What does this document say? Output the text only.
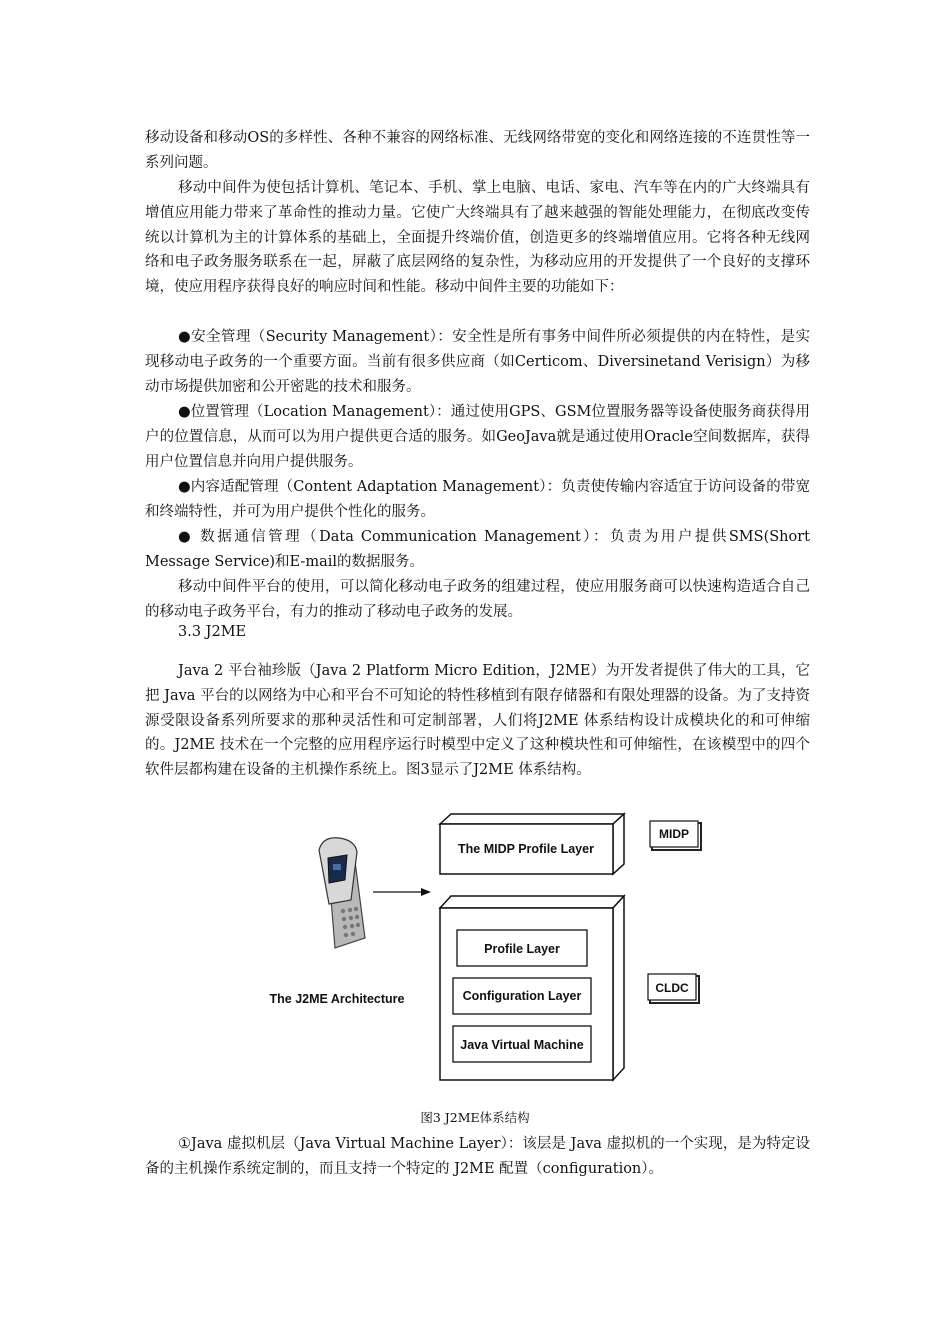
移动设备和移动OS的多样性、各种不兼容的网络标准、无线网络带宽的变化和网络连接的不连贯性等一系列问题。

移动中间件为使包括计算机、笔记本、手机、掌上电脑、电话、家电、汽车等在内的广大终端具有增值应用能力带来了革命性的推动力量。它使广大终端具有了越来越强的智能处理能力，在彻底改变传统以计算机为主的计算体系的基础上，全面提升终端价值，创造更多的终端增值应用。它将各种无线网络和电子政务服务联系在一起，屏蔽了底层网络的复杂性，为移动应用的开发提供了一个良好的支撑环境，使应用程序获得良好的响应时间和性能。移动中间件主要的功能如下：

●安全管理（Security Management）：安全性是所有事务中间件所必须提供的内在特性，是实现移动电子政务的一个重要方面。当前有很多供应商（如Certicom、Diversinetand Verisign）为移动市场提供加密和公开密匙的技术和服务。

●位置管理（Location Management）：通过使用GPS、GSM位置服务器等设备使服务商获得用户的位置信息，从而可以为用户提供更合适的服务。如GeoJava就是通过使用Oracle空间数据库，获得用户位置信息并向用户提供服务。

●内容适配管理（Content Adaptation Management）：负责使传输内容适宜于访问设备的带宽和终端特性，并可为用户提供个性化的服务。

● 数据通信管理（Data Communication Management）：负责为用户提供SMS(Short Message Service)和E-mail的数据服务。

移动中间件平台的使用，可以简化移动电子政务的组建过程，使应用服务商可以快速构造适合自己的移动电子政务平台，有力的推动了移动电子政务的发展。

3.3 J2ME

Java 2 平台袖珍版（Java 2 Platform Micro Edition，J2ME）为开发者提供了伟大的工具，它把 Java 平台的以网络为中心和平台不可知论的特性移植到有限存储器和有限处理器的设备。为了支持资源受限设备系列所要求的那种灵活性和可定制部署，人们将J2ME 体系结构设计成模块化的和可伸缩的。J2ME 技术在一个完整的应用程序运行时模型中定义了这种模块性和可伸缩性，在该模型中的四个软件层都构建在设备的主机操作系统上。图3显示了J2ME 体系结构。

The MIDP Profile Layer
MIDP
Profile Layer
Configuration Layer
Java Virtual Machine
CLDC
The J2ME Architecture
图3 J2ME体系结构

①Java 虚拟机层（Java Virtual Machine Layer）：该层是 Java 虚拟机的一个实现，是为特定设备的主机操作系统定制的，而且支持一个特定的 J2ME 配置（configuration）。
